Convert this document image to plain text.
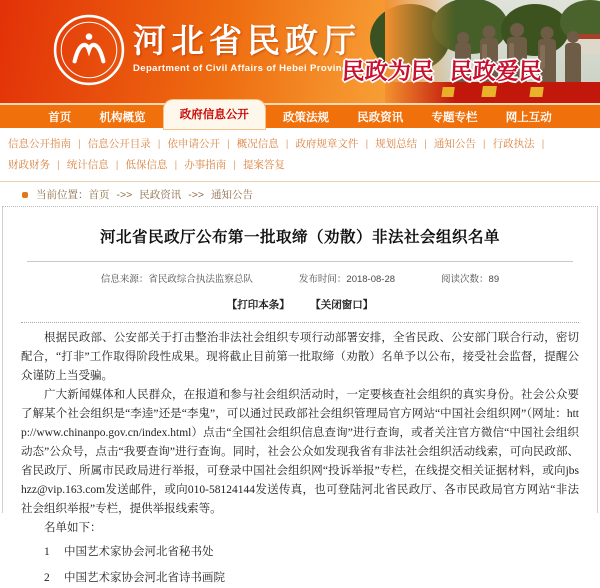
河北省民政厅
Department of Civil Affairs of Hebei Province
民政为民 民政爱民
首页	机构概览	政府信息公开	政策法规	民政资讯	专题专栏	网上互动
信息公开指南 | 信息公开目录 | 依申请公开 | 概况信息 | 政府规章文件 | 规划总结 | 通知公告 | 行政执法 |财政财务 | 统计信息 | 低保信息 | 办事指南 | 提案答复
当前位置： 首页 ->> 民政资讯 ->> 通知公告
河北省民政厅公布第一批取缔（劝散）非法社会组织名单
信息来源：省民政综合执法监察总队	发布时间：2018-08-28	阅读次数：89
【打印本条】 【关闭窗口】

根据民政部、公安部关于打击整治非法社会组织专项行动部署安排，全省民政、公安部门联合行动，密切配合，“打非”工作取得阶段性成果。现将截止目前第一批取缔（劝散）名单予以公布，接受社会监督，提醒公众谨防上当受骗。

广大新闻媒体和人民群众，在报道和参与社会组织活动时，一定要核查社会组织的真实身份。社会公众要了解某个社会组织是“李逵”还是“李鬼”，可以通过民政部社会组织管理局官方网站“中国社会组织网”（网址：http://www.chinanpo.gov.cn/index.html）点击“全国社会组织信息查询”进行查询，或者关注官方微信“中国社会组织动态”公众号，点击“我要查询”进行查询。同时，社会公众如发现我省有非法社会组织活动线索，可向民政部、省民政厅、所属市民政局进行举报，可登录中国社会组织网“投诉举报”专栏，在线提交相关证据材料，或向jbshzz@vip.163.com发送邮件，或向010-58124144发送传真，也可登陆河北省民政厅、各市民政局官方网站“非法社会组织举报”专栏，提供举报线索等。

名单如下：

1 中国艺术家协会河北省秘书处
2 中国艺术家协会河北省诗书画院
